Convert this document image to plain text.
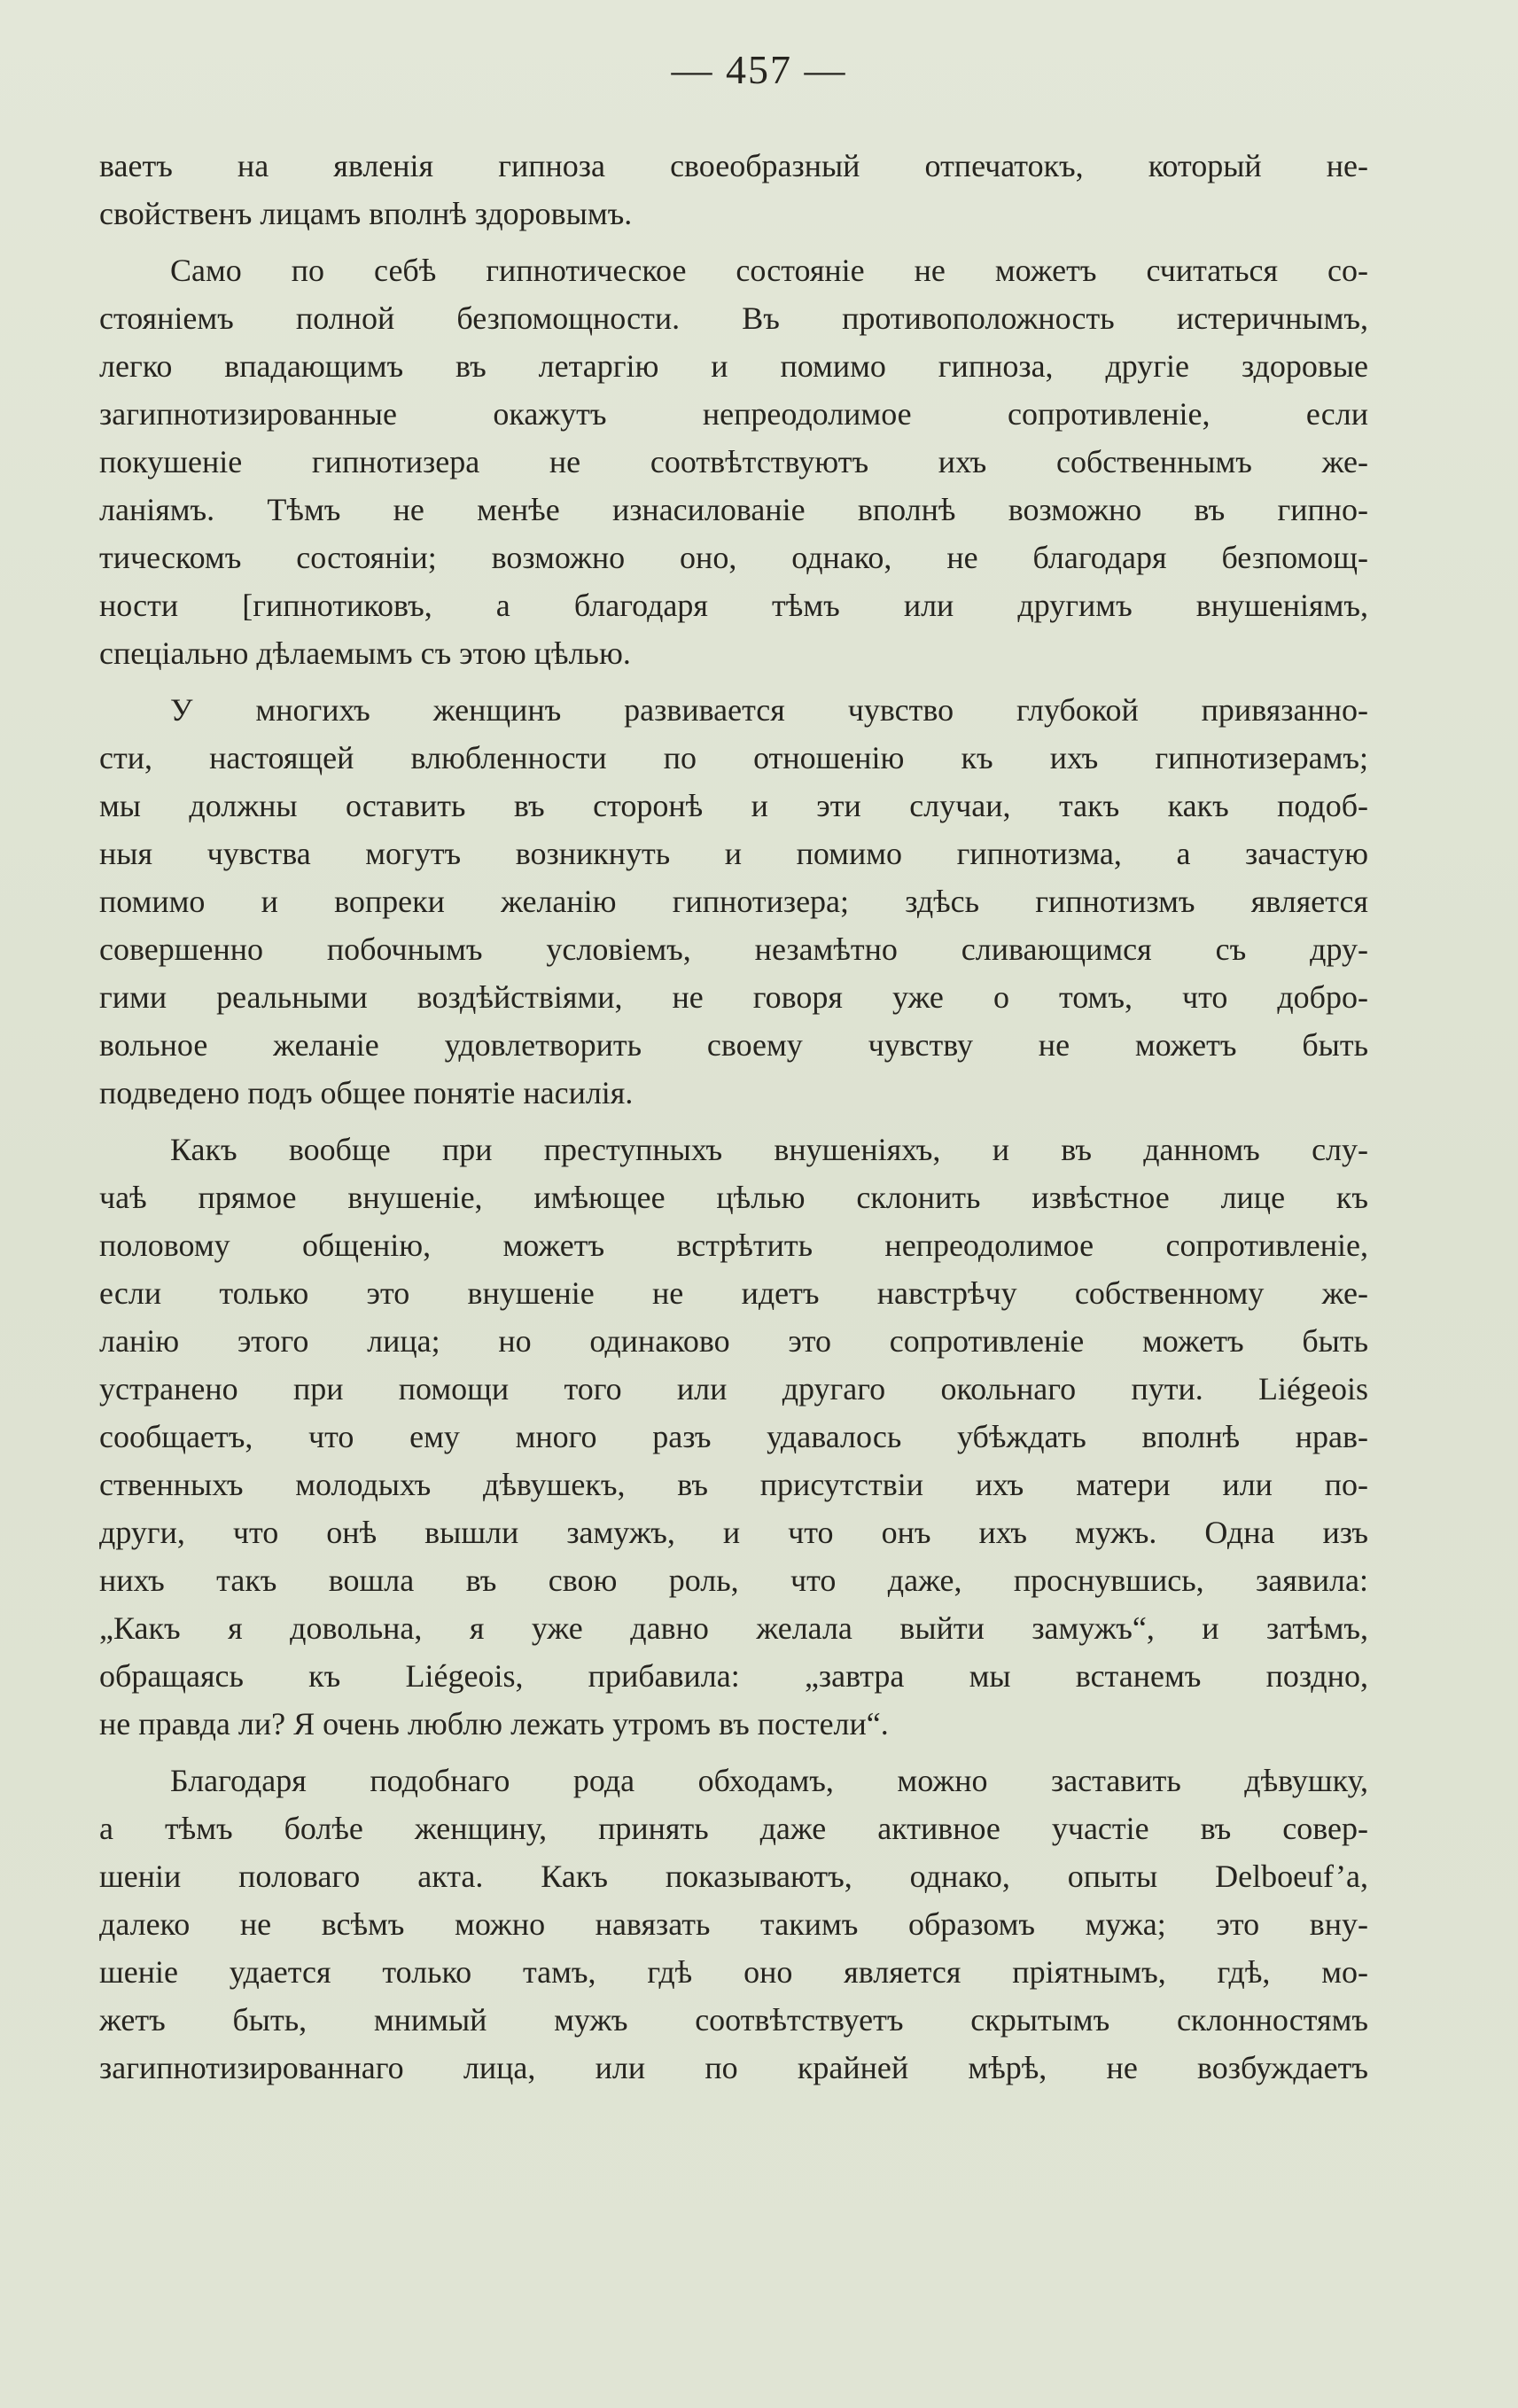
— 457 —
ваетъ на явленія гипноза своеобразный отпечатокъ, который не-
свойственъ лицамъ вполнѣ здоровымъ.
Само по себѣ гипнотическое состояніе не можетъ считаться со-
стояніемъ полной безпомощности. Въ противоположность истеричнымъ,
легко впадающимъ въ летаргію и помимо гипноза, другіе здоровые
загипнотизированные окажутъ непреодолимое сопротивленіе, если
покушеніе гипнотизера не соотвѣтствуютъ ихъ собственнымъ же-
ланіямъ. Тѣмъ не менѣе изнасилованіе вполнѣ возможно въ гипно-
тическомъ состояніи; возможно оно, однако, не благодаря безпомощ-
ности [гипнотиковъ, а благодаря тѣмъ или другимъ внушеніямъ,
спеціально дѣлаемымъ съ этою цѣлью.
У многихъ женщинъ развивается чувство глубокой привязанно-
сти, настоящей влюбленности по отношенію къ ихъ гипнотизерамъ;
мы должны оставить въ сторонѣ и эти случаи, такъ какъ подоб-
ныя чувства могутъ возникнуть и помимо гипнотизма, а зачастую
помимо и вопреки желанію гипнотизера; здѣсь гипнотизмъ является
совершенно побочнымъ условіемъ, незамѣтно сливающимся съ дру-
гими реальными воздѣйствіями, не говоря уже о томъ, что добро-
вольное желаніе удовлетворить своему чувству не можетъ быть
подведено подъ общее понятіе насилія.
Какъ вообще при преступныхъ внушеніяхъ, и въ данномъ слу-
чаѣ прямое внушеніе, имѣющее цѣлью склонить извѣстное лице къ
половому общенію, можетъ встрѣтить непреодолимое сопротивленіе,
если только это внушеніе не идетъ навстрѣчу собственному же-
ланію этого лица; но одинаково это сопротивленіе можетъ быть
устранено при помощи того или другаго окольнаго пути. Liégeois
сообщаетъ, что ему много разъ удавалось убѣждать вполнѣ нрав-
ственныхъ молодыхъ дѣвушекъ, въ присутствіи ихъ матери или по-
други, что онѣ вышли замужъ, и что онъ ихъ мужъ. Одна изъ
нихъ такъ вошла въ свою роль, что даже, проснувшись, заявила:
„Какъ я довольна, я уже давно желала выйти замужъ“, и затѣмъ,
обращаясь къ Liégeois, прибавила: „завтра мы встанемъ поздно,
не правда ли? Я очень люблю лежать утромъ въ постели“.
Благодаря подобнаго рода обходамъ, можно заставить дѣвушку,
а тѣмъ болѣе женщину, принять даже активное участіе въ совер-
шеніи половаго акта. Какъ показываютъ, однако, опыты Delboeuf’a,
далеко не всѣмъ можно навязать такимъ образомъ мужа; это вну-
шеніе удается только тамъ, гдѣ оно является пріятнымъ, гдѣ, мо-
жетъ быть, мнимый мужъ соотвѣтствуетъ скрытымъ склонностямъ
загипнотизированнаго лица, или по крайней мѣрѣ, не возбуждаетъ
